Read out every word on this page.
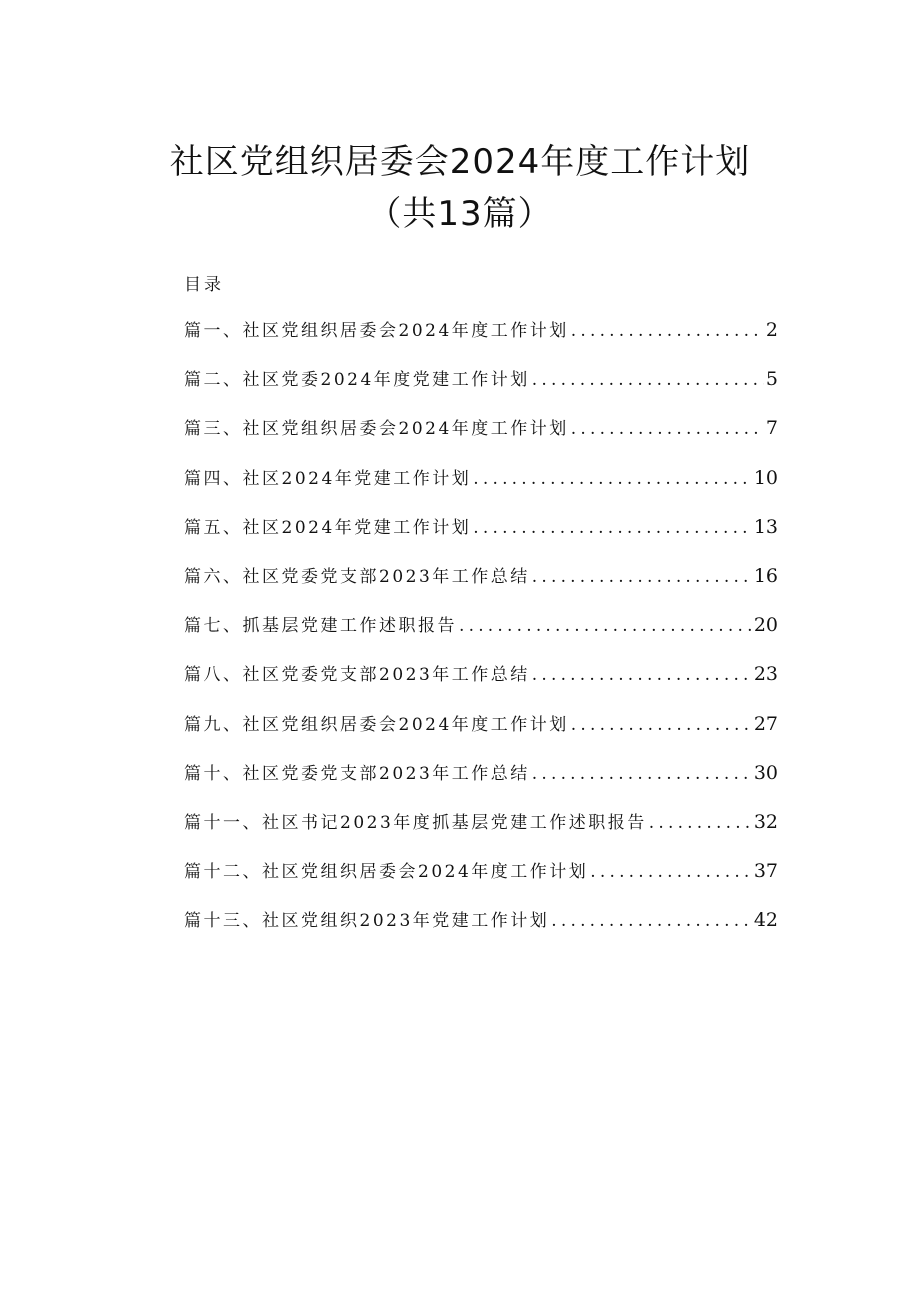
社区党组织居委会2024年度工作计划（共13篇）
目录
篇一、社区党组织居委会2024年度工作计划 .....	2
篇二、社区党委2024年度党建工作计划 .....	5
篇三、社区党组织居委会2024年度工作计划 .....	7
篇四、社区2024年党建工作计划 .....	10
篇五、社区2024年党建工作计划 .....	13
篇六、社区党委党支部2023年工作总结 .....	16
篇七、抓基层党建工作述职报告 .....	20
篇八、社区党委党支部2023年工作总结 .....	23
篇九、社区党组织居委会2024年度工作计划 .....	27
篇十、社区党委党支部2023年工作总结 .....	30
篇十一、社区书记2023年度抓基层党建工作述职报告 .....	32
篇十二、社区党组织居委会2024年度工作计划 .....	37
篇十三、社区党组织2023年党建工作计划 .....	42
